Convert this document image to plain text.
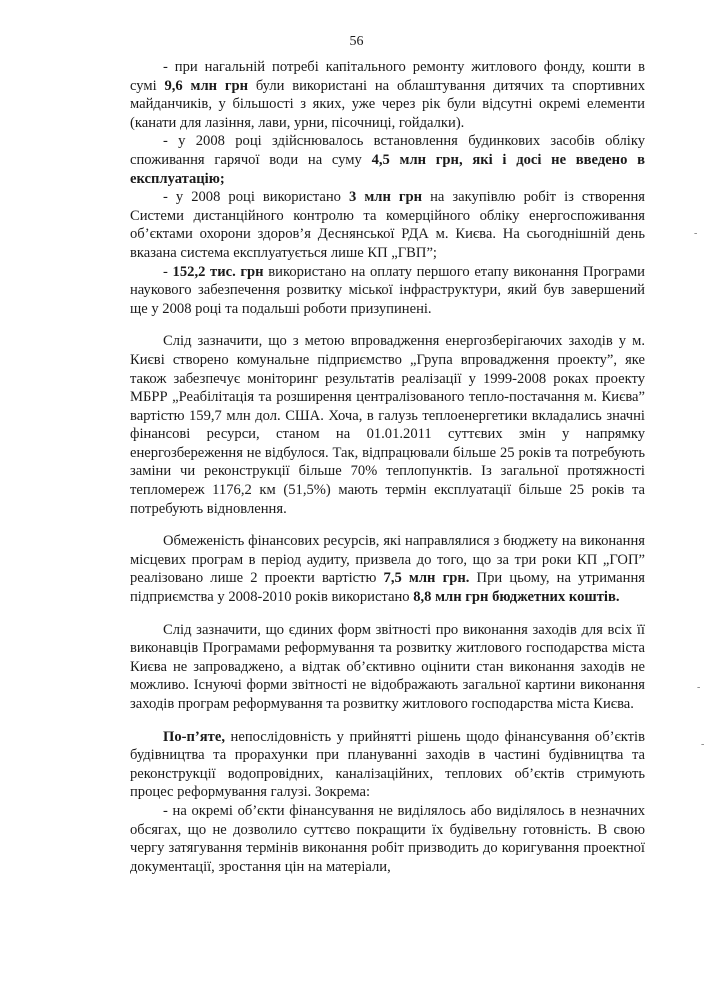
56

- при нагальній потребі капітального ремонту житлового фонду, кошти в сумі 9,6 млн грн були використані на облаштування дитячих та спортивних майданчиків, у більшості з яких, уже через рік були відсутні окремі елементи (канати для лазіння, лави, урни, пісочниці, гойдалки).

- у 2008 році здійснювалось встановлення будинкових засобів обліку споживання гарячої води на суму 4,5 млн грн, які і досі не введено в експлуатацію;

- у 2008 році використано 3 млн грн на закупівлю робіт із створення Системи дистанційного контролю та комерційного обліку енергоспоживання об’єктами охорони здоров’я Деснянської РДА м. Києва. На сьогоднішній день вказана система експлуатується лише КП „ГВП”;

- 152,2 тис. грн використано на оплату першого етапу виконання Програми наукового забезпечення розвитку міської інфраструктури, який був завершений ще у 2008 році та подальші роботи призупинені.

Слід зазначити, що з метою впровадження енергозберігаючих заходів у м. Києві створено комунальне підприємство „Група впровадження проекту”, яке також забезпечує моніторинг результатів реалізації у 1999-2008 роках проекту МБРР „Реабілітація та розширення централізованого тепло-постачання м. Києва” вартістю 159,7 млн дол. США. Хоча, в галузь теплоенергетики вкладались значні фінансові ресурси, станом на 01.01.2011 суттєвих змін у напрямку енергозбереження не відбулося. Так, відпрацювали більше 25 років та потребують заміни чи реконструкції більше 70% теплопунктів. Із загальної протяжності тепломереж 1176,2 км (51,5%) мають термін експлуатації більше 25 років та потребують відновлення.

Обмеженість фінансових ресурсів, які направлялися з бюджету на виконання місцевих програм в період аудиту, призвела до того, що за три роки КП „ГОП” реалізовано лише 2 проекти вартістю 7,5 млн грн. При цьому, на утримання підприємства у 2008-2010 років використано 8,8 млн грн бюджетних коштів.

Слід зазначити, що єдиних форм звітності про виконання заходів для всіх її виконавців Програмами реформування та розвитку житлового господарства міста Києва не запроваджено, а відтак об’єктивно оцінити стан виконання заходів не можливо. Існуючі форми звітності не відображають загальної картини виконання заходів програм реформування та розвитку житлового господарства міста Києва.

По-п’яте, непослідовність у прийнятті рішень щодо фінансування об’єктів будівництва та прорахунки при плануванні заходів в частині будівництва та реконструкції водопровідних, каналізаційних, теплових об’єктів стримують процес реформування галузі. Зокрема:

- на окремі об’єкти фінансування не виділялось або виділялось в незначних обсягах, що не дозволило суттєво покращити їх будівельну готовність. В свою чергу затягування термінів виконання робіт призводить до коригування проектної документації, зростання цін на матеріали,

-
-
-
